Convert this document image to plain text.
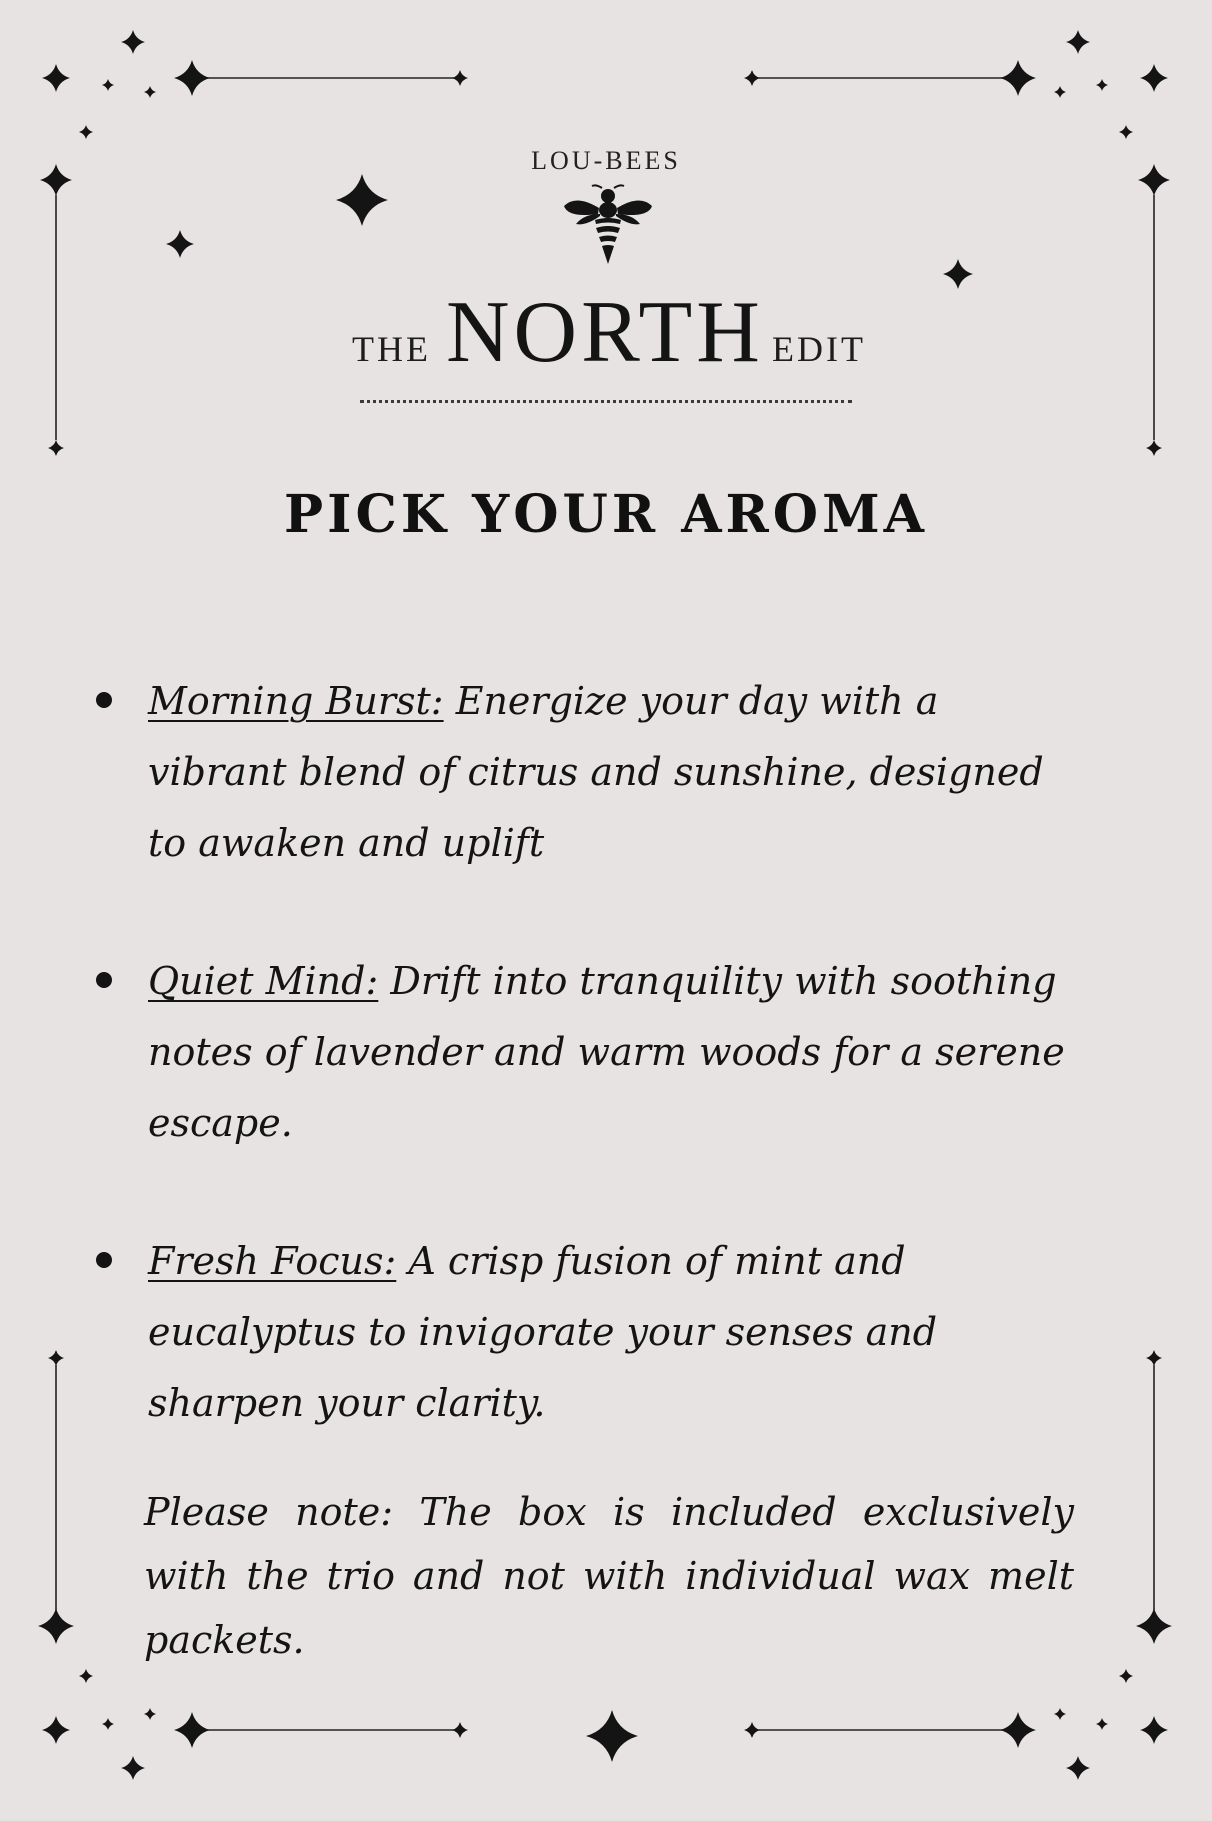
LOU-BEES
THE NORTH EDIT
PICK YOUR AROMA
Morning Burst: Energize your day with a vibrant blend of citrus and sunshine, designed to awaken and uplift
Quiet Mind: Drift into tranquility with soothing notes of lavender and warm woods for a serene escape.
Fresh Focus: A crisp fusion of mint and eucalyptus to invigorate your senses and sharpen your clarity.
Please note: The box is included exclusively with the trio and not with individual wax melt packets.
